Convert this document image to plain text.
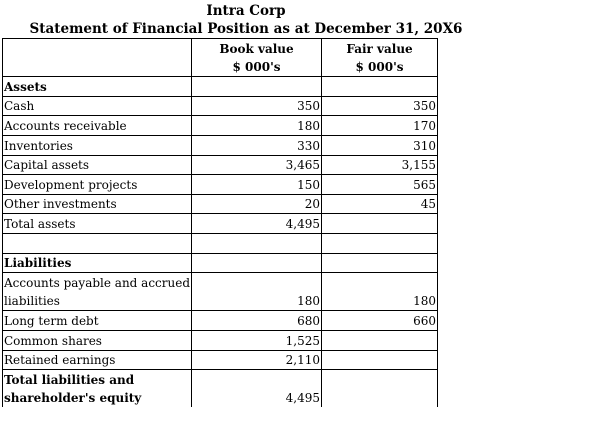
Intra Corp
Statement of Financial Position as at December 31, 20X6
	Book value	Fair value
	$ 000's	$ 000's
Assets		
Cash	350	350
Accounts receivable	180	170
Inventories	330	310
Capital assets	3,465	3,155
Development projects	150	565
Other investments	20	45
Total assets	4,495	

Liabilities		
Accounts payable and accrued		
liabilities	180	180
Long term debt	680	660
Common shares	1,525	
Retained earnings	2,110	
Total liabilities and		
shareholder's equity	4,495	
